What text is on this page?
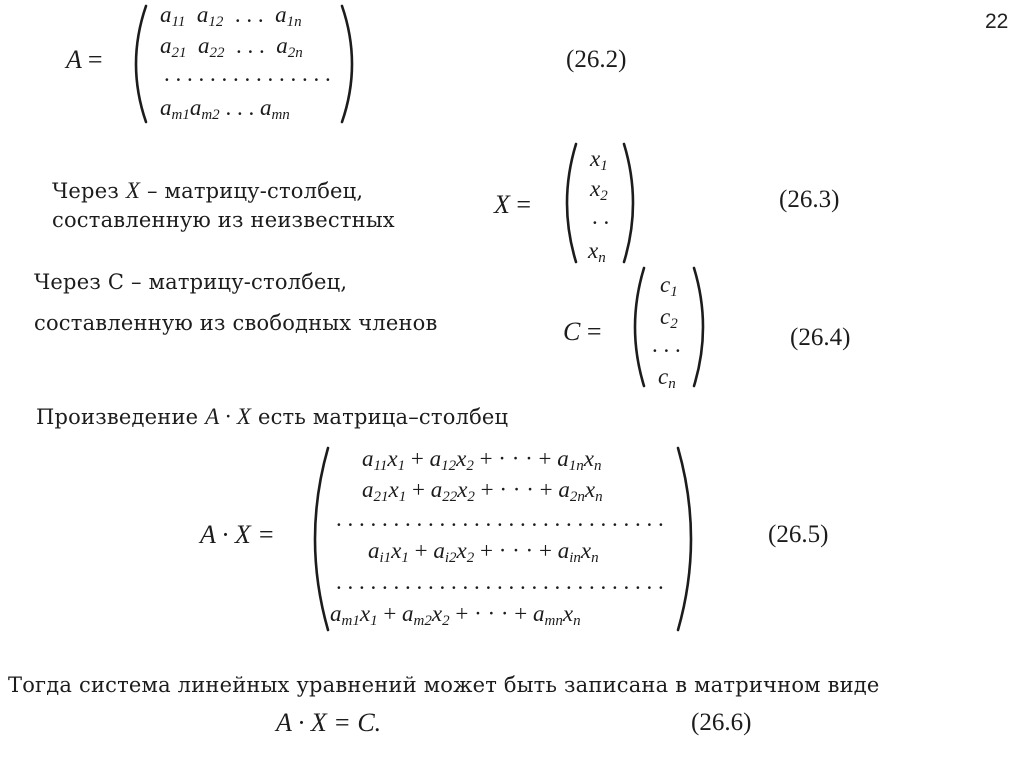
22
A =
$a_{11}$  $a_{12}$ . . .  $a_{1n}$
$a_{21}$  $a_{22}$ . . .  $a_{2n}$
. . . . . . . . . . . . . . .
$a_{m1}a_{m2}$ . . . $a_{mn}$
(26.2)
Через X – матрицу-столбец,
составленную из неизвестных
X =
$x_1$
$x_2$
. .
$x_n$
(26.3)
Через С – матрицу-столбец,
составленную из свободных членов	C =
$c_1$
$c_2$
. . .
$c_n$
(26.4)
Произведение A · X есть матрица–столбец
A · X =
$a_{11}x_1 + a_{12}x_2$ + · · · + $a_{1n}x_n$
$a_{21}x_1 + a_{22}x_2$ + · · · + $a_{2n}x_n$
. . . . . . . . . . . . . . . . . . . . . . . . . . . . .
$a_{i1}x_1 + a_{i2}x_2$ + · · · + $a_{in}x_n$
. . . . . . . . . . . . . . . . . . . . . . . . . . . . .
$a_{m1}x_1 + a_{m2}x_2$ + · · · + $a_{mn}x_n$
(26.5)
Тогда система линейных уравнений может быть записана в матричном виде
A · X = C.	(26.6)
